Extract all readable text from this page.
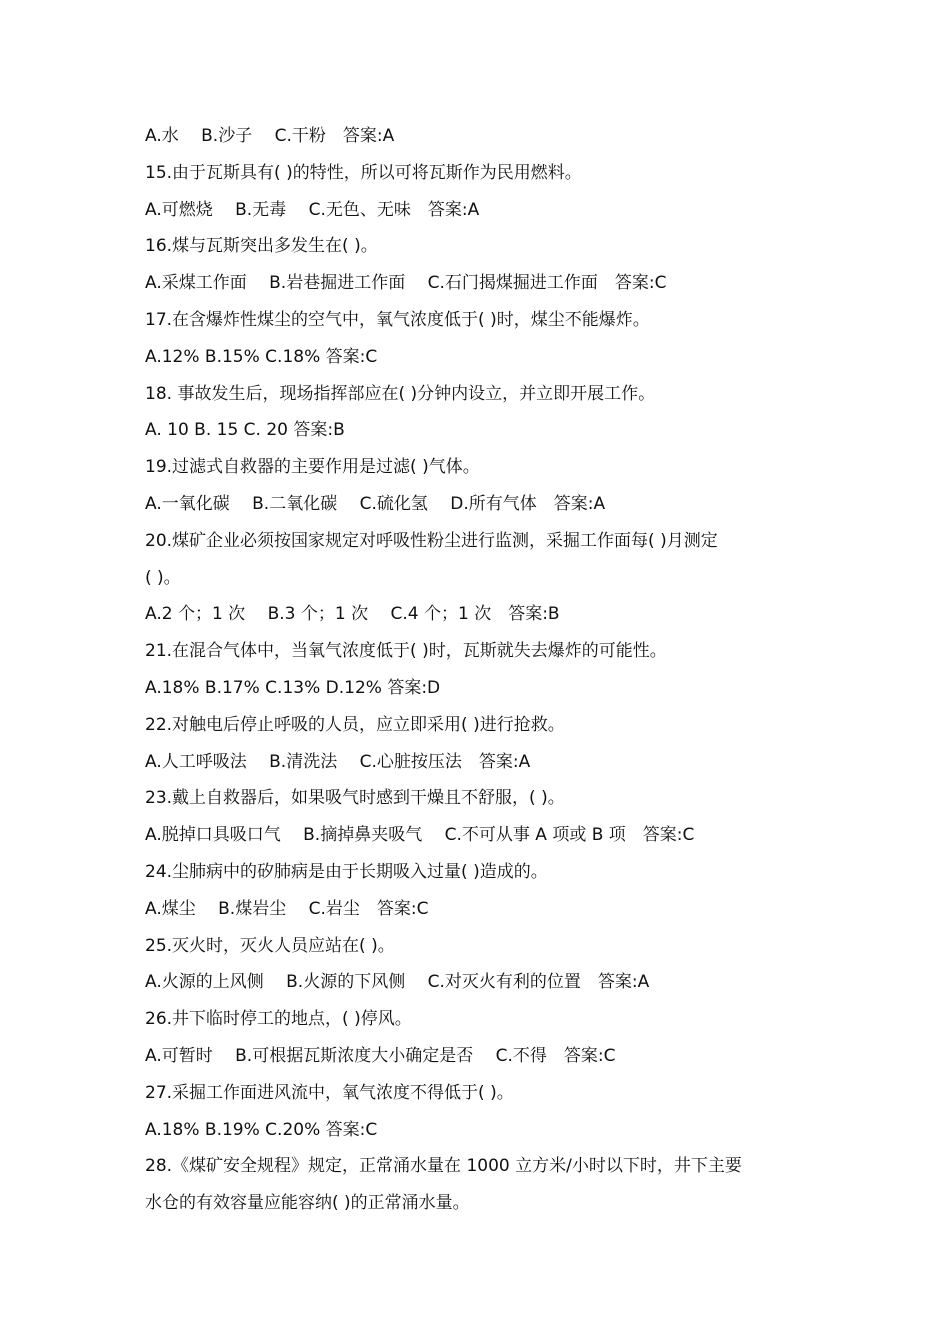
A.水　 B.沙子　 C.干粉　答案:A
15.由于瓦斯具有( )的特性，所以可将瓦斯作为民用燃料。
A.可燃烧　 B.无毒　 C.无色、无味　答案:A
16.煤与瓦斯突出多发生在( )。
A.采煤工作面　 B.岩巷掘进工作面　 C.石门揭煤掘进工作面　答案:C
17.在含爆炸性煤尘的空气中，氧气浓度低于( )时，煤尘不能爆炸。
A.12% B.15% C.18% 答案:C
18. 事故发生后，现场指挥部应在( )分钟内设立，并立即开展工作。
A. 10 B. 15 C. 20 答案:B
19.过滤式自救器的主要作用是过滤( )气体。
A.一氧化碳　 B.二氧化碳　 C.硫化氢　 D.所有气体　答案:A
20.煤矿企业必须按国家规定对呼吸性粉尘进行监测，采掘工作面每( )月测定
( )。
A.2 个；1 次　 B.3 个；1 次　 C.4 个；1 次　答案:B
21.在混合气体中，当氧气浓度低于( )时，瓦斯就失去爆炸的可能性。
A.18% B.17% C.13% D.12% 答案:D
22.对触电后停止呼吸的人员，应立即采用( )进行抢救。
A.人工呼吸法　 B.清洗法　 C.心脏按压法　答案:A
23.戴上自救器后，如果吸气时感到干燥且不舒服，( )。
A.脱掉口具吸口气　 B.摘掉鼻夹吸气　 C.不可从事 A 项或 B 项　答案:C
24.尘肺病中的矽肺病是由于长期吸入过量( )造成的。
A.煤尘　 B.煤岩尘　 C.岩尘　答案:C
25.灭火时，灭火人员应站在( )。
A.火源的上风侧　 B.火源的下风侧　 C.对灭火有利的位置　答案:A
26.井下临时停工的地点，( )停风。
A.可暂时　 B.可根据瓦斯浓度大小确定是否　 C.不得　答案:C
27.采掘工作面进风流中，氧气浓度不得低于( )。
A.18% B.19% C.20% 答案:C
28.《煤矿安全规程》规定，正常涌水量在 1000 立方米/小时以下时，井下主要
水仓的有效容量应能容纳( )的正常涌水量。
